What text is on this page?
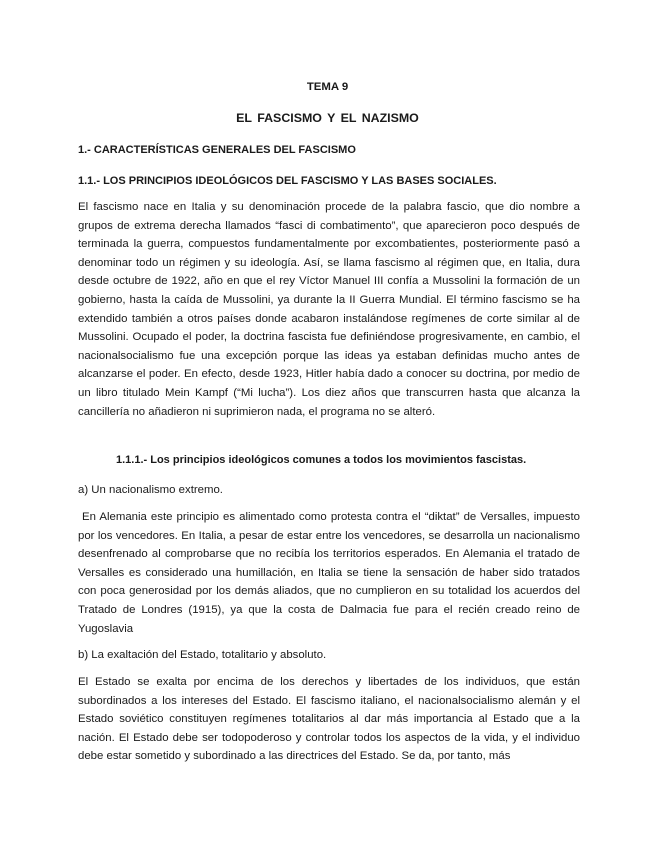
TEMA 9

EL FASCISMO Y EL NAZISMO

1.- CARACTERÍSTICAS GENERALES DEL FASCISMO

1.1.- LOS PRINCIPIOS IDEOLÓGICOS DEL FASCISMO Y LAS BASES SOCIALES.

El fascismo nace en Italia y su denominación procede de la palabra fascio, que dio nombre a grupos de extrema derecha llamados “fasci di combatimento”, que aparecieron poco después de terminada la guerra, compuestos fundamentalmente por excombatientes, posteriormente pasó a denominar todo un régimen y su ideología. Así, se llama fascismo al régimen que, en Italia, dura desde octubre de 1922, año en que el rey Víctor Manuel III confía a Mussolini la formación de un gobierno, hasta la caída de Mussolini, ya durante la II Guerra Mundial. El término fascismo se ha extendido también a otros países donde acabaron instalándose regímenes de corte similar al de Mussolini. Ocupado el poder, la doctrina fascista fue definiéndose progresivamente, en cambio, el nacionalsocialismo fue una excepción porque las ideas ya estaban definidas mucho antes de alcanzarse el poder. En efecto, desde 1923, Hitler había dado a conocer su doctrina, por medio de un libro titulado Mein Kampf (“Mi lucha”). Los diez años que transcurren hasta que alcanza la cancillería no añadieron ni suprimieron nada, el programa no se alteró.

1.1.1.- Los principios ideológicos comunes a todos los movimientos fascistas.

a) Un nacionalismo extremo.

En Alemania este principio es alimentado como protesta contra el “diktat” de Versalles, impuesto por los vencedores. En Italia, a pesar de estar entre los vencedores, se desarrolla un nacionalismo desenfrenado al comprobarse que no recibía los territorios esperados. En Alemania el tratado de Versalles es considerado una humillación, en Italia se tiene la sensación de haber sido tratados con poca generosidad por los demás aliados, que no cumplieron en su totalidad los acuerdos del Tratado de Londres (1915), ya que la costa de Dalmacia fue para el recién creado reino de Yugoslavia

b) La exaltación del Estado, totalitario y absoluto.

El Estado se exalta por encima de los derechos y libertades de los individuos, que están subordinados a los intereses del Estado. El fascismo italiano, el nacionalsocialismo alemán y el Estado soviético constituyen regímenes totalitarios al dar más importancia al Estado que a la nación. El Estado debe ser todopoderoso y controlar todos los aspectos de la vida, y el individuo debe estar sometido y subordinado a las directrices del Estado. Se da, por tanto, más
